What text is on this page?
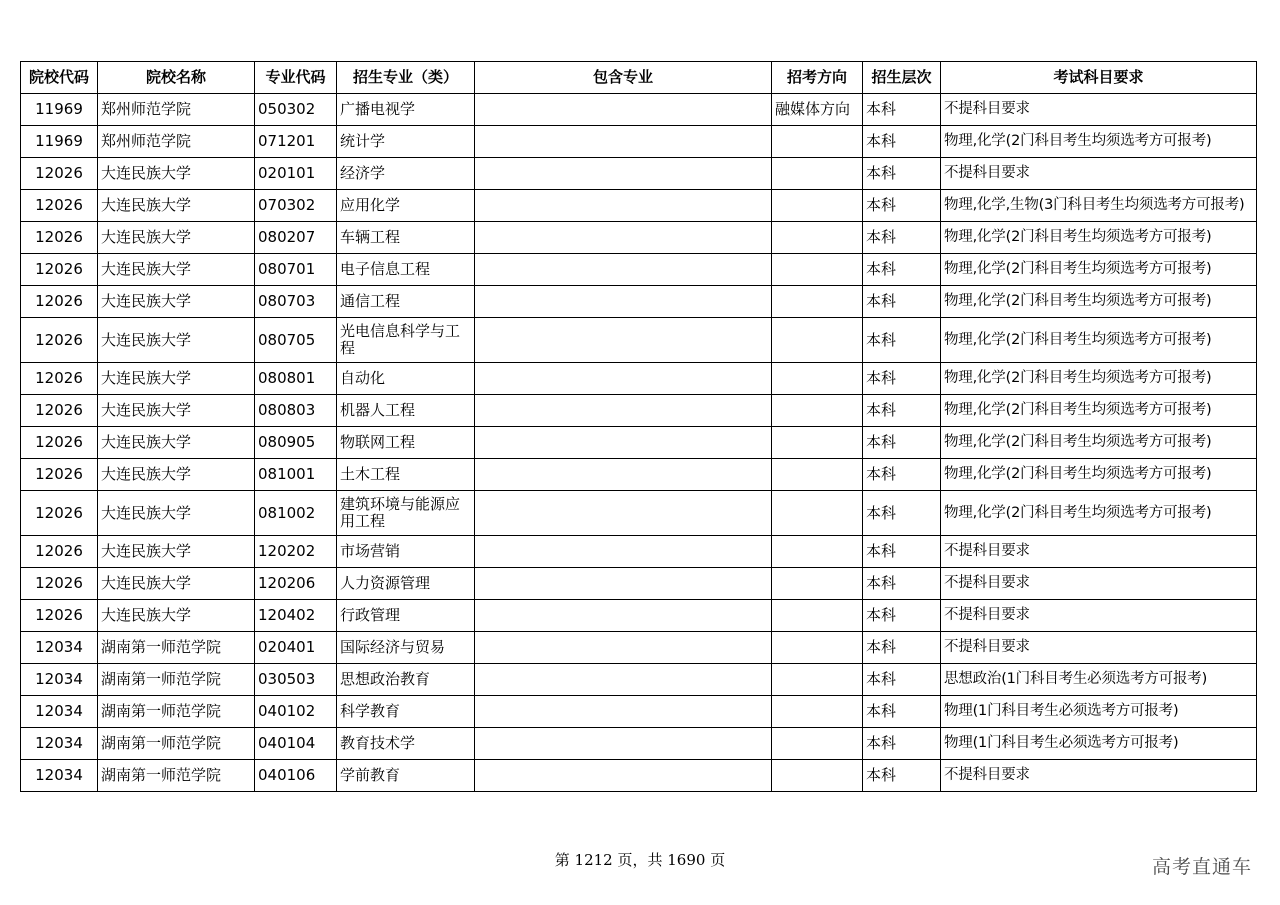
院校代码	院校名称	专业代码	招生专业（类）	包含专业	招考方向	招生层次	考试科目要求
11969	郑州师范学院	050302	广播电视学		融媒体方向	本科	不提科目要求
11969	郑州师范学院	071201	统计学			本科	物理,化学(2门科目考生均须选考方可报考)
12026	大连民族大学	020101	经济学			本科	不提科目要求
12026	大连民族大学	070302	应用化学			本科	物理,化学,生物(3门科目考生均须选考方可报考)
12026	大连民族大学	080207	车辆工程			本科	物理,化学(2门科目考生均须选考方可报考)
12026	大连民族大学	080701	电子信息工程			本科	物理,化学(2门科目考生均须选考方可报考)
12026	大连民族大学	080703	通信工程			本科	物理,化学(2门科目考生均须选考方可报考)
12026	大连民族大学	080705	光电信息科学与工程			本科	物理,化学(2门科目考生均须选考方可报考)
12026	大连民族大学	080801	自动化			本科	物理,化学(2门科目考生均须选考方可报考)
12026	大连民族大学	080803	机器人工程			本科	物理,化学(2门科目考生均须选考方可报考)
12026	大连民族大学	080905	物联网工程			本科	物理,化学(2门科目考生均须选考方可报考)
12026	大连民族大学	081001	土木工程			本科	物理,化学(2门科目考生均须选考方可报考)
12026	大连民族大学	081002	建筑环境与能源应用工程			本科	物理,化学(2门科目考生均须选考方可报考)
12026	大连民族大学	120202	市场营销			本科	不提科目要求
12026	大连民族大学	120206	人力资源管理			本科	不提科目要求
12026	大连民族大学	120402	行政管理			本科	不提科目要求
12034	湖南第一师范学院	020401	国际经济与贸易			本科	不提科目要求
12034	湖南第一师范学院	030503	思想政治教育			本科	思想政治(1门科目考生必须选考方可报考)
12034	湖南第一师范学院	040102	科学教育			本科	物理(1门科目考生必须选考方可报考)
12034	湖南第一师范学院	040104	教育技术学			本科	物理(1门科目考生必须选考方可报考)
12034	湖南第一师范学院	040106	学前教育			本科	不提科目要求
第 1212 页，共 1690 页	高考直通车
